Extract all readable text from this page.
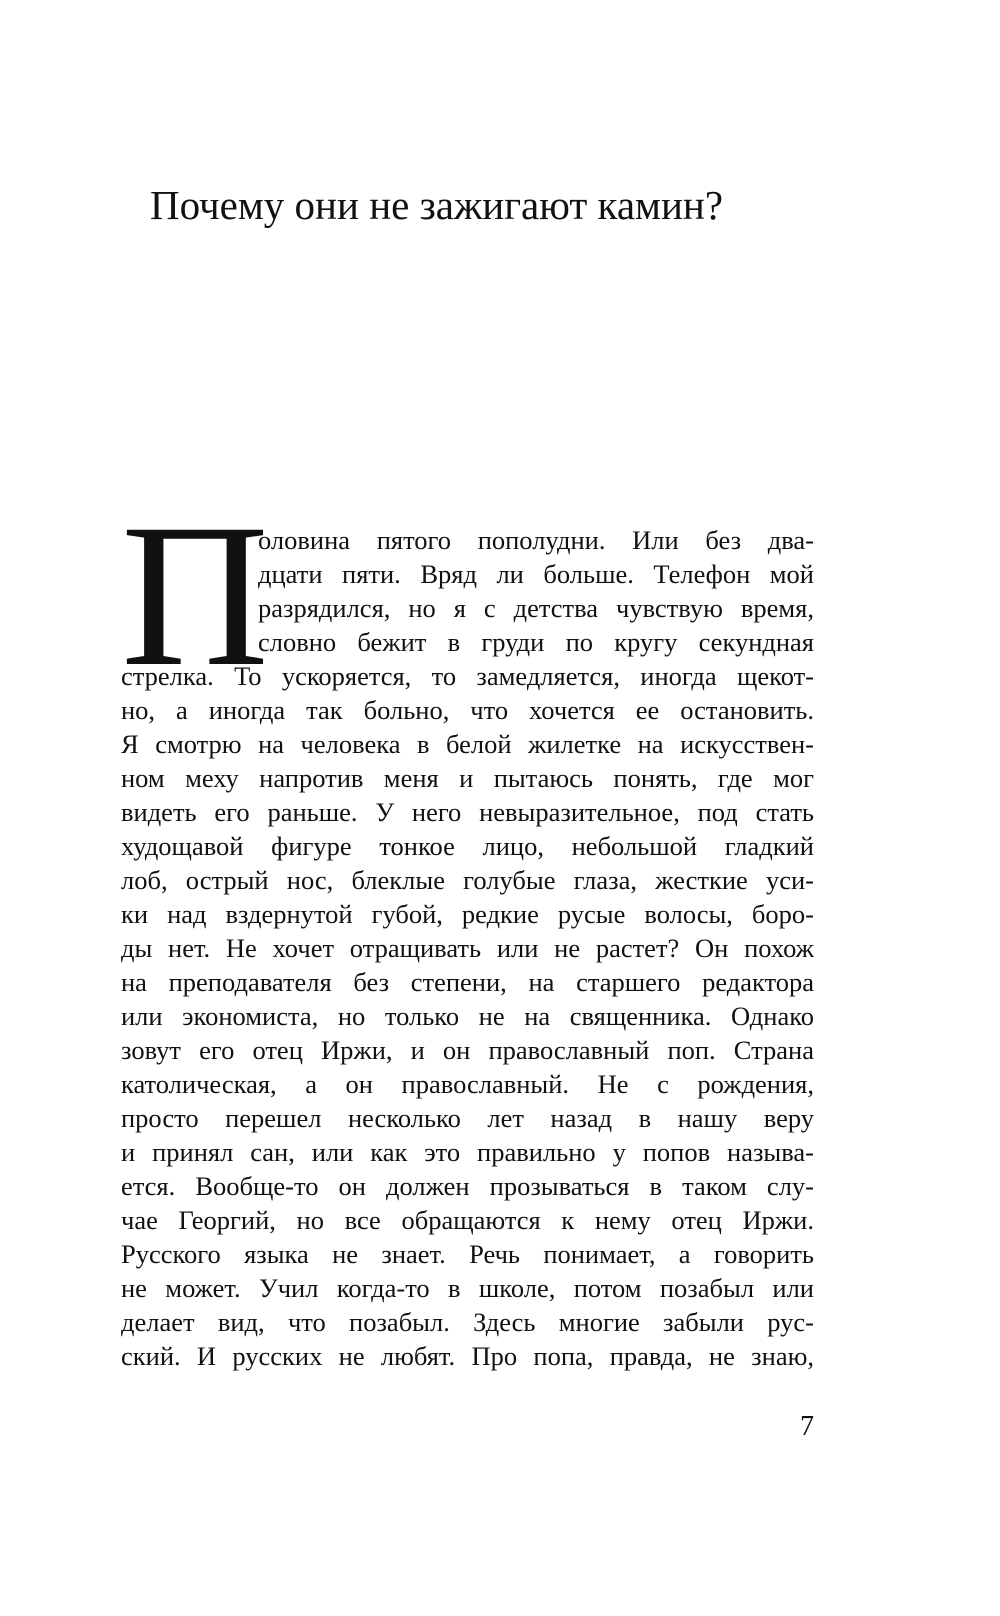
Почему они не зажигают камин?
П
оловина пятого пополудни. Или без два-
дцати пяти. Вряд ли больше. Телефон мой
разрядился, но я с детства чувствую время,
словно бежит в груди по кругу секундная
стрелка. То ускоряется, то замедляется, иногда щекот-
но, а иногда так больно, что хочется ее остановить.
Я смотрю на человека в белой жилетке на искусствен-
ном меху напротив меня и пытаюсь понять, где мог
видеть его раньше. У него невыразительное, под стать
худощавой фигуре тонкое лицо, небольшой гладкий
лоб, острый нос, блеклые голубые глаза, жесткие уси-
ки над вздернутой губой, редкие русые волосы, боро-
ды нет. Не хочет отращивать или не растет? Он похож
на преподавателя без степени, на старшего редактора
или экономиста, но только не на священника. Однако
зовут его отец Иржи, и он православный поп. Страна
католическая, а он православный. Не с рождения,
просто перешел несколько лет назад в нашу веру
и принял сан, или как это правильно у попов называ-
ется. Вообще-то он должен прозываться в таком слу-
чае Георгий, но все обращаются к нему отец Иржи.
Русского языка не знает. Речь понимает, а говорить
не может. Учил когда-то в школе, потом позабыл или
делает вид, что позабыл. Здесь многие забыли рус-
ский. И русских не любят. Про попа, правда, не знаю,
7
